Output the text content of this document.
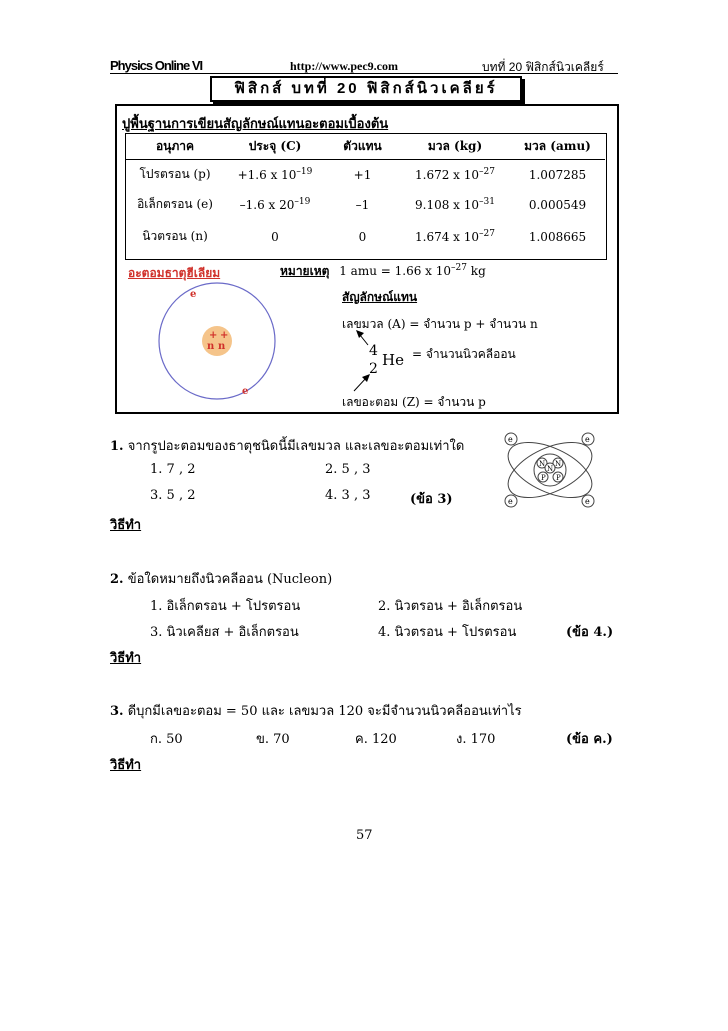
Physics Online VI	http://www.pec9.com	บทที่ 20 ฟิสิกส์นิวเคลียร์
ฟิสิกส์ บทที่ 20 ฟิสิกส์นิวเคลียร์
ปูพื้นฐานการเขียนสัญลักษณ์แทนอะตอมเบื้องต้น
อนุภาค	ประจุ (C)	ตัวแทน	มวล (kg)	มวล (amu)
โปรตรอน (p)	+1.6 x $10^{-19}$	+1	1.672 x $10^{-27}$	1.007285
อิเล็กตรอน (e)	–1.6 x $20^{-19}$	–1	9.108 x $10^{-31}$	0.000549
นิวตรอน (n)	0	0	1.674 x $10^{-27}$	1.008665
อะตอมธาตุฮีเลียม
+ +
n n
e
e
หมายเหตุ 1 amu = 1.66 x $10^{-27}$ kg
สัญลักษณ์แทน
เลขมวล (A) = จำนวน p + จำนวน n
4
2 He = จำนวนนิวคลีออน
เลขอะตอม (Z) = จำนวน p
e	e
e	e
N N
N
P P
1. จากรูปอะตอมของธาตุชนิดนี้มีเลขมวล และเลขอะตอมเท่าใด
1. 7 , 2	2. 5 , 3
3. 5 , 2	4. 3 , 3	(ข้อ 3)
วิธีทำ
2. ข้อใดหมายถึงนิวคลีออน (Nucleon)
1. อิเล็กตรอน + โปรตรอน	2. นิวตรอน + อิเล็กตรอน
3. นิวเคลียส + อิเล็กตรอน	4. นิวตรอน + โปรตรอน	(ข้อ 4.)
วิธีทำ
3. ดีบุกมีเลขอะตอม = 50 และ เลขมวล 120 จะมีจำนวนนิวคลีออนเท่าไร
ก. 50	ข. 70	ค. 120	ง. 170	(ข้อ ค.)
วิธีทำ
57
